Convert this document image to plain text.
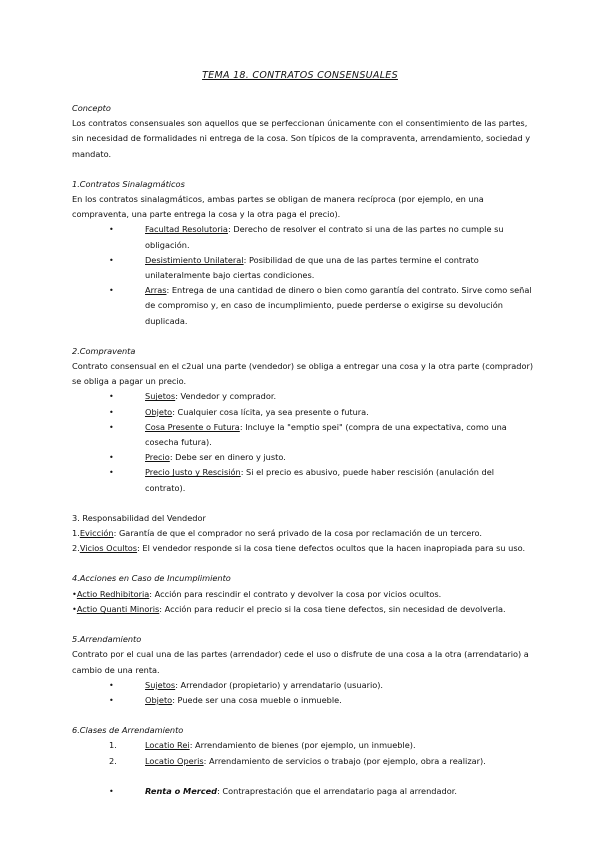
TEMA 18. CONTRATOS CONSENSUALES

Concepto

Los contratos consensuales son aquellos que se perfeccionan únicamente con el consentimiento de las partes, sin necesidad de formalidades ni entrega de la cosa. Son típicos de la compraventa, arrendamiento, sociedad y mandato.

1.Contratos Sinalagmáticos

En los contratos sinalagmáticos, ambas partes se obligan de manera recíproca (por ejemplo, en una compraventa, una parte entrega la cosa y la otra paga el precio).

•	Facultad Resolutoria: Derecho de resolver el contrato si una de las partes no cumple su obligación.

•	Desistimiento Unilateral: Posibilidad de que una de las partes termine el contrato unilateralmente bajo ciertas condiciones.

•	Arras: Entrega de una cantidad de dinero o bien como garantía del contrato. Sirve como señal de compromiso y, en caso de incumplimiento, puede perderse o exigirse su devolución duplicada.

2.Compraventa

Contrato consensual en el c2ual una parte (vendedor) se obliga a entregar una cosa y la otra parte (comprador) se obliga a pagar un precio.

•	Sujetos: Vendedor y comprador.

•	Objeto: Cualquier cosa lícita, ya sea presente o futura.

•	Cosa Presente o Futura: Incluye la "emptio spei" (compra de una expectativa, como una cosecha futura).

•	Precio: Debe ser en dinero y justo.

•	Precio Justo y Rescisión: Si el precio es abusivo, puede haber rescisión (anulación del contrato).

3. Responsabilidad del Vendedor

1.Evicción: Garantía de que el comprador no será privado de la cosa por reclamación de un tercero.

2.Vicios Ocultos: El vendedor responde si la cosa tiene defectos ocultos que la hacen inapropiada para su uso.

4.Acciones en Caso de Incumplimiento

•Actio Redhibitoria: Acción para rescindir el contrato y devolver la cosa por vicios ocultos.

•Actio Quanti Minoris: Acción para reducir el precio si la cosa tiene defectos, sin necesidad de devolverla.

5.Arrendamiento

Contrato por el cual una de las partes (arrendador) cede el uso o disfrute de una cosa a la otra (arrendatario) a cambio de una renta.

•	Sujetos: Arrendador (propietario) y arrendatario (usuario).

•	Objeto: Puede ser una cosa mueble o inmueble.

6.Clases de Arrendamiento

1.	Locatio Rei: Arrendamiento de bienes (por ejemplo, un inmueble).

2.	Locatio Operis: Arrendamiento de servicios o trabajo (por ejemplo, obra a realizar).

•	Renta o Merced: Contraprestación que el arrendatario paga al arrendador.
